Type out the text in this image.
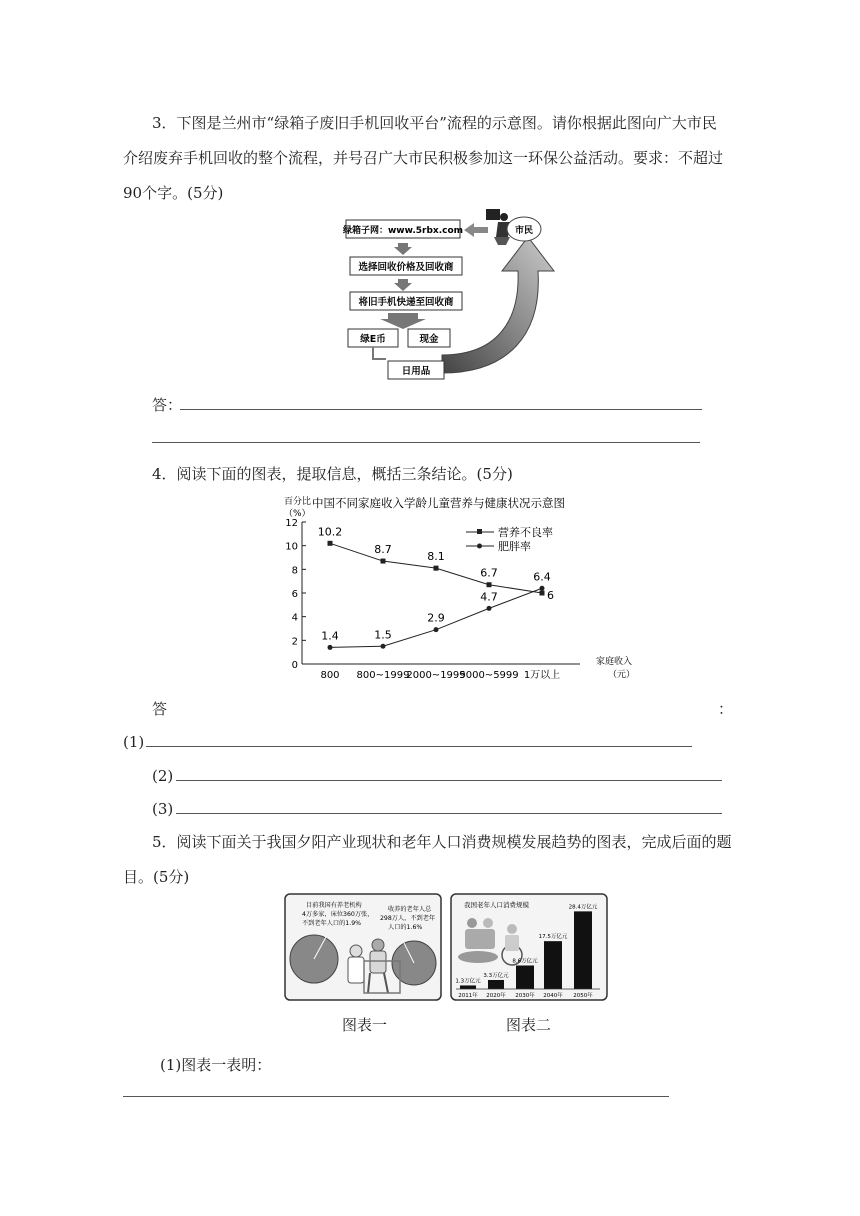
3．下图是兰州市“绿箱子废旧手机回收平台”流程的示意图。请你根据此图向广大市民
介绍废弃手机回收的整个流程，并号召广大市民积极参加这一环保公益活动。要求：不超过
90个字。(5分)
绿箱子网：www.5rbx.com
选择回收价格及回收商
将旧手机快递至回收商
绿E币	现金
日用品
市民
答：
4．阅读下面的图表，提取信息，概括三条结论。(5分)
百分比
（%）
中国不同家庭收入学龄儿童营养与健康状况示意图
0
2
4
6
8
10
12
800 800~1999
2000~1999
5000~5999 1万以上
10.2
8.7
8.1
6.7
6
1.4	1.5
2.9
4.7
6.4
家庭收入
（元）
营养不良率
肥胖率
答	：
(1)
(2)
(3)
5．阅读下面关于我国夕阳产业现状和老年人口消费规模发展趋势的图表，完成后面的题
目。(5分)
目前我国有养老机构
4万多家，床位360万张，
不到老年人口的1.9%
收养的老年人总
298万人，不到老年
人口的1.6%
图表一
我国老年人口消费规模
1.3万亿元
2011年
3.3万亿元
2020年
8.6万亿元
2030年
17.5万亿元
2040年
28.4万亿元
2050年
图表二
(1)图表一表明：
